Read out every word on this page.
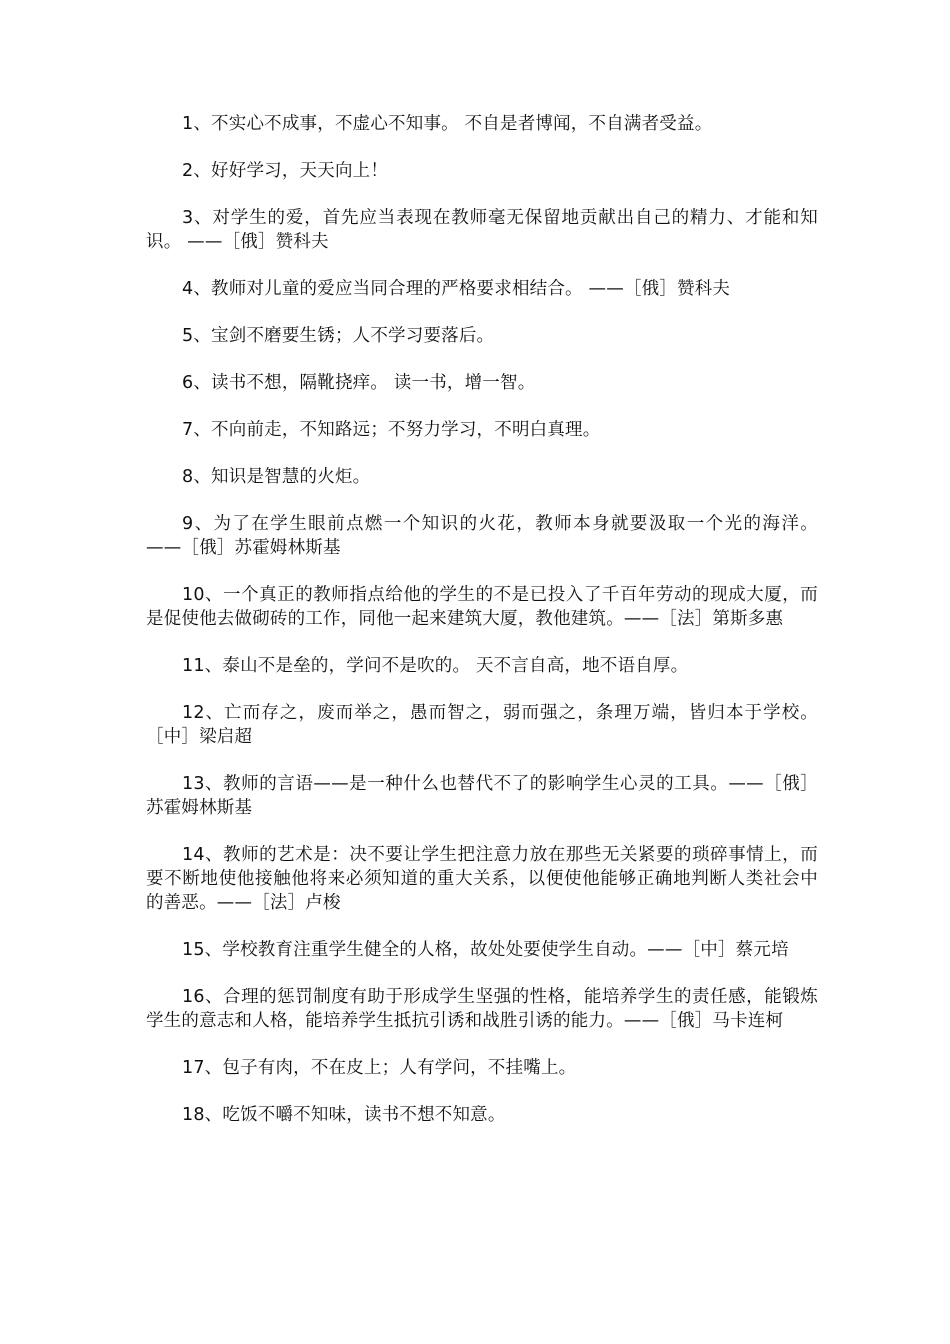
1、不实心不成事，不虚心不知事。 不自是者博闻，不自满者受益。

2、好好学习，天天向上！

3、对学生的爱，首先应当表现在教师毫无保留地贡献出自己的精力、才能和知识。 ——［俄］赞科夫

4、教师对儿童的爱应当同合理的严格要求相结合。 ——［俄］赞科夫

5、宝剑不磨要生锈；人不学习要落后。

6、读书不想，隔靴挠痒。 读一书，增一智。

7、不向前走，不知路远；不努力学习，不明白真理。

8、知识是智慧的火炬。

9、为了在学生眼前点燃一个知识的火花，教师本身就要汲取一个光的海洋。 ——［俄］苏霍姆林斯基

10、一个真正的教师指点给他的学生的不是已投入了千百年劳动的现成大厦，而是促使他去做砌砖的工作，同他一起来建筑大厦，教他建筑。——［法］第斯多惠

11、泰山不是垒的，学问不是吹的。 天不言自高，地不语自厚。

12、亡而存之，废而举之，愚而智之，弱而强之，条理万端，皆归本于学校。 ［中］梁启超

13、教师的言语——是一种什么也替代不了的影响学生心灵的工具。——［俄］苏霍姆林斯基

14、教师的艺术是：决不要让学生把注意力放在那些无关紧要的琐碎事情上，而要不断地使他接触他将来必须知道的重大关系，以便使他能够正确地判断人类社会中的善恶。——［法］卢梭

15、学校教育注重学生健全的人格，故处处要使学生自动。——［中］蔡元培

16、合理的惩罚制度有助于形成学生坚强的性格，能培养学生的责任感，能锻炼学生的意志和人格，能培养学生抵抗引诱和战胜引诱的能力。——［俄］马卡连柯

17、包子有肉，不在皮上；人有学问，不挂嘴上。

18、吃饭不嚼不知味，读书不想不知意。
